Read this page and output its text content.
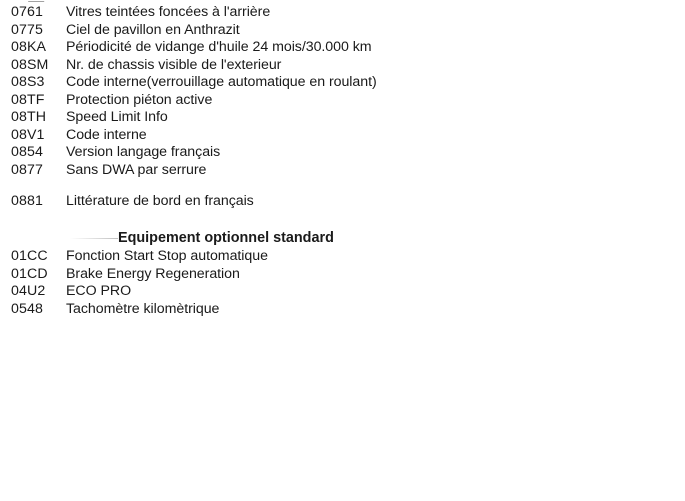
0761 Vitres teintées foncées à l'arrière
0775 Ciel de pavillon en Anthrazit
08KA Périodicité de vidange d'huile 24 mois/30.000 km
08SM Nr. de chassis visible de l'exterieur
08S3 Code interne(verrouillage automatique en roulant)
08TF Protection piéton active
08TH Speed Limit Info
08V1 Code interne
0854 Version langage français
0877 Sans DWA par serrure
0881 Littérature de bord en français
Equipement optionnel standard
01CC Fonction Start Stop automatique
01CD Brake Energy Regeneration
04U2 ECO PRO
0548 Tachomètre kilomètrique
